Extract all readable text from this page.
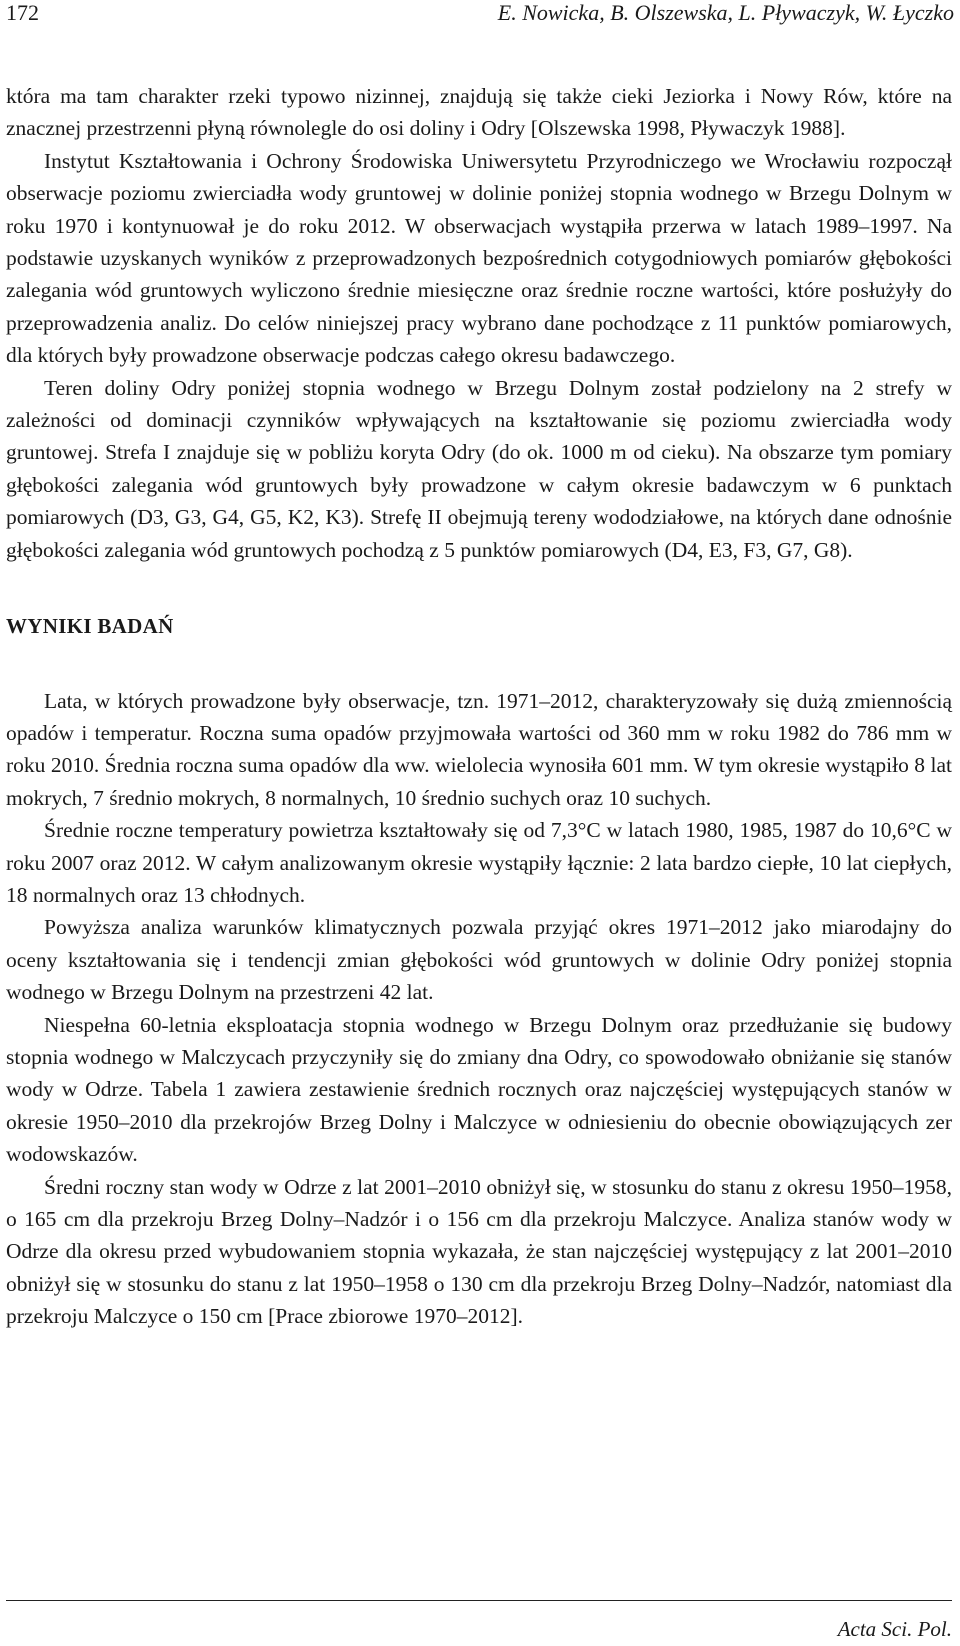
172	E. Nowicka, B. Olszewska, L. Pływaczyk, W. Łyczko

która ma tam charakter rzeki typowo nizinnej, znajdują się także cieki Jeziorka i Nowy Rów, które na znacznej przestrzenni płyną równolegle do osi doliny i Odry [Olszewska 1998, Pływaczyk 1988].

Instytut Kształtowania i Ochrony Środowiska Uniwersytetu Przyrodniczego we Wrocławiu rozpoczął obserwacje poziomu zwierciadła wody gruntowej w dolinie poniżej stopnia wodnego w Brzegu Dolnym w roku 1970 i kontynuował je do roku 2012. W obserwacjach wystąpiła przerwa w latach 1989–1997. Na podstawie uzyskanych wyników z przeprowadzonych bezpośrednich cotygodniowych pomiarów głębokości zalegania wód gruntowych wyliczono średnie miesięczne oraz średnie roczne wartości, które posłużyły do przeprowadzenia analiz. Do celów niniejszej pracy wybrano dane pochodzące z 11 punktów pomiarowych, dla których były prowadzone obserwacje podczas całego okresu badawczego.

Teren doliny Odry poniżej stopnia wodnego w Brzegu Dolnym został podzielony na 2 strefy w zależności od dominacji czynników wpływających na kształtowanie się poziomu zwierciadła wody gruntowej. Strefa I znajduje się w pobliżu koryta Odry (do ok. 1000 m od cieku). Na obszarze tym pomiary głębokości zalegania wód gruntowych były prowadzone w całym okresie badawczym w 6 punktach pomiarowych (D3, G3, G4, G5, K2, K3). Strefę II obejmują tereny wododziałowe, na których dane odnośnie głębokości zalegania wód gruntowych pochodzą z 5 punktów pomiarowych (D4, E3, F3, G7, G8).

WYNIKI BADAŃ

Lata, w których prowadzone były obserwacje, tzn. 1971–2012, charakteryzowały się dużą zmiennością opadów i temperatur. Roczna suma opadów przyjmowała wartości od 360 mm w roku 1982 do 786 mm w roku 2010. Średnia roczna suma opadów dla ww. wielolecia wynosiła 601 mm. W tym okresie wystąpiło 8 lat mokrych, 7 średnio mokrych, 8 normalnych, 10 średnio suchych oraz 10 suchych.

Średnie roczne temperatury powietrza kształtowały się od 7,3°C w latach 1980, 1985, 1987 do 10,6°C w roku 2007 oraz 2012. W całym analizowanym okresie wystąpiły łącznie: 2 lata bardzo ciepłe, 10 lat ciepłych, 18 normalnych oraz 13 chłodnych.

Powyższa analiza warunków klimatycznych pozwala przyjąć okres 1971–2012 jako miarodajny do oceny kształtowania się i tendencji zmian głębokości wód gruntowych w dolinie Odry poniżej stopnia wodnego w Brzegu Dolnym na przestrzeni 42 lat.

Niespełna 60-letnia eksploatacja stopnia wodnego w Brzegu Dolnym oraz przedłużanie się budowy stopnia wodnego w Malczycach przyczyniły się do zmiany dna Odry, co spowodowało obniżanie się stanów wody w Odrze. Tabela 1 zawiera zestawienie średnich rocznych oraz najczęściej występujących stanów w okresie 1950–2010 dla przekrojów Brzeg Dolny i Malczyce w odniesieniu do obecnie obowiązujących zer wodowskazów.

Średni roczny stan wody w Odrze z lat 2001–2010 obniżył się, w stosunku do stanu z okresu 1950–1958, o 165 cm dla przekroju Brzeg Dolny–Nadzór i o 156 cm dla przekroju Malczyce. Analiza stanów wody w Odrze dla okresu przed wybudowaniem stopnia wykazała, że stan najczęściej występujący z lat 2001–2010 obniżył się w stosunku do stanu z lat 1950–1958 o 130 cm dla przekroju Brzeg Dolny–Nadzór, natomiast dla przekroju Malczyce o 150 cm [Prace zbiorowe 1970–2012].

Acta Sci. Pol.
